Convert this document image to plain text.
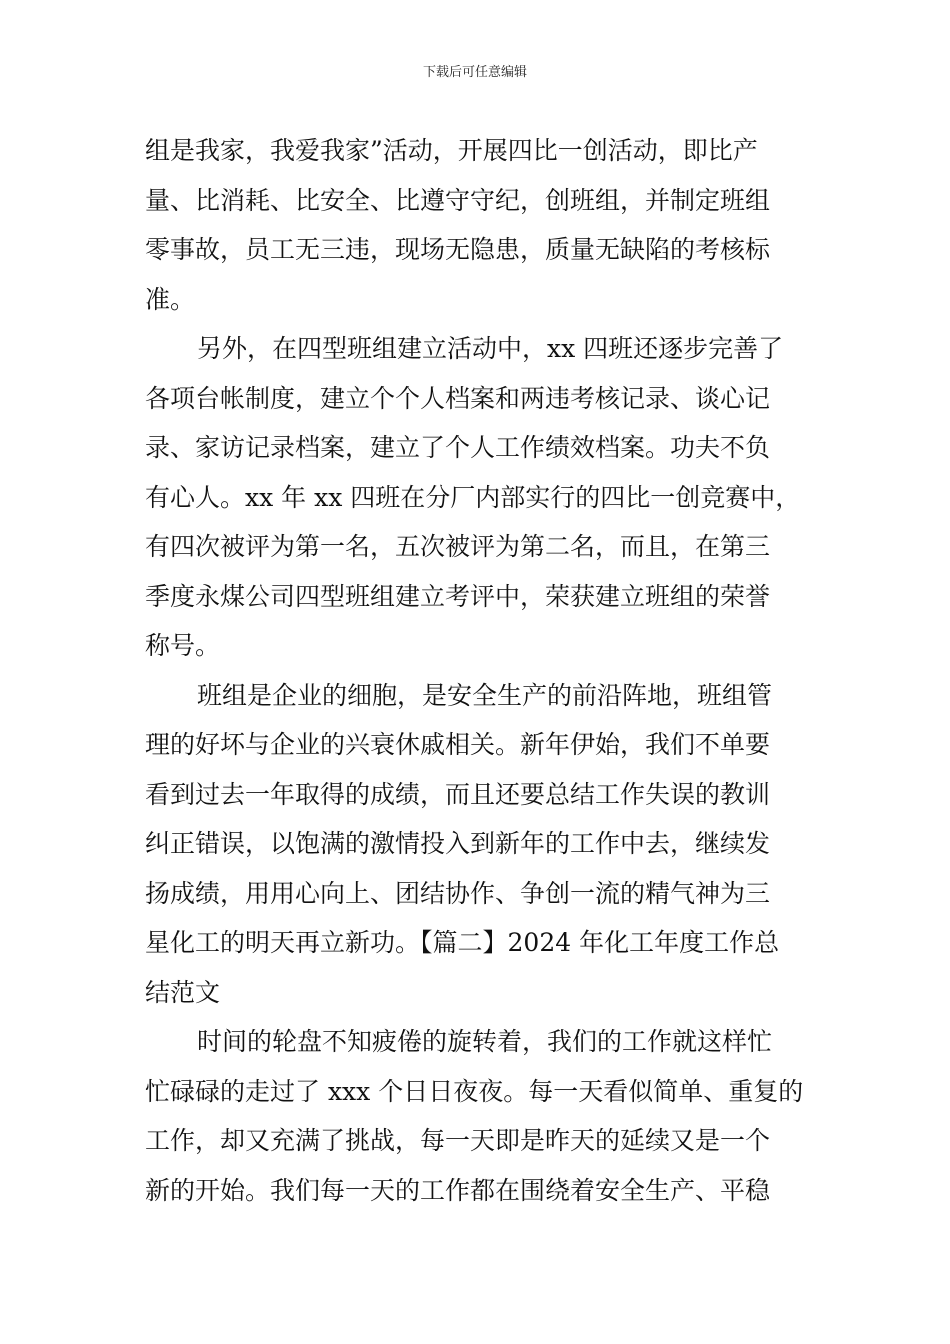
下载后可任意编辑
组是我家，我爱我家”活动，开展四比一创活动，即比产
量、比消耗、比安全、比遵守守纪，创班组，并制定班组
零事故，员工无三违，现场无隐患，质量无缺陷的考核标
准。
另外，在四型班组建立活动中，xx 四班还逐步完善了
各项台帐制度，建立个个人档案和两违考核记录、谈心记
录、家访记录档案，建立了个人工作绩效档案。功夫不负
有心人。xx 年 xx 四班在分厂内部实行的四比一创竞赛中，
有四次被评为第一名，五次被评为第二名，而且，在第三
季度永煤公司四型班组建立考评中，荣获建立班组的荣誉
称号。
班组是企业的细胞，是安全生产的前沿阵地，班组管
理的好坏与企业的兴衰休戚相关。新年伊始，我们不单要
看到过去一年取得的成绩，而且还要总结工作失误的教训
纠正错误，以饱满的激情投入到新年的工作中去，继续发
扬成绩，用用心向上、团结协作、争创一流的精气神为三
星化工的明天再立新功。【篇二】2024 年化工年度工作总
结范文
时间的轮盘不知疲倦的旋转着，我们的工作就这样忙
忙碌碌的走过了 xxx 个日日夜夜。每一天看似简单、重复的
工作，却又充满了挑战，每一天即是昨天的延续又是一个
新的开始。我们每一天的工作都在围绕着安全生产、平稳
